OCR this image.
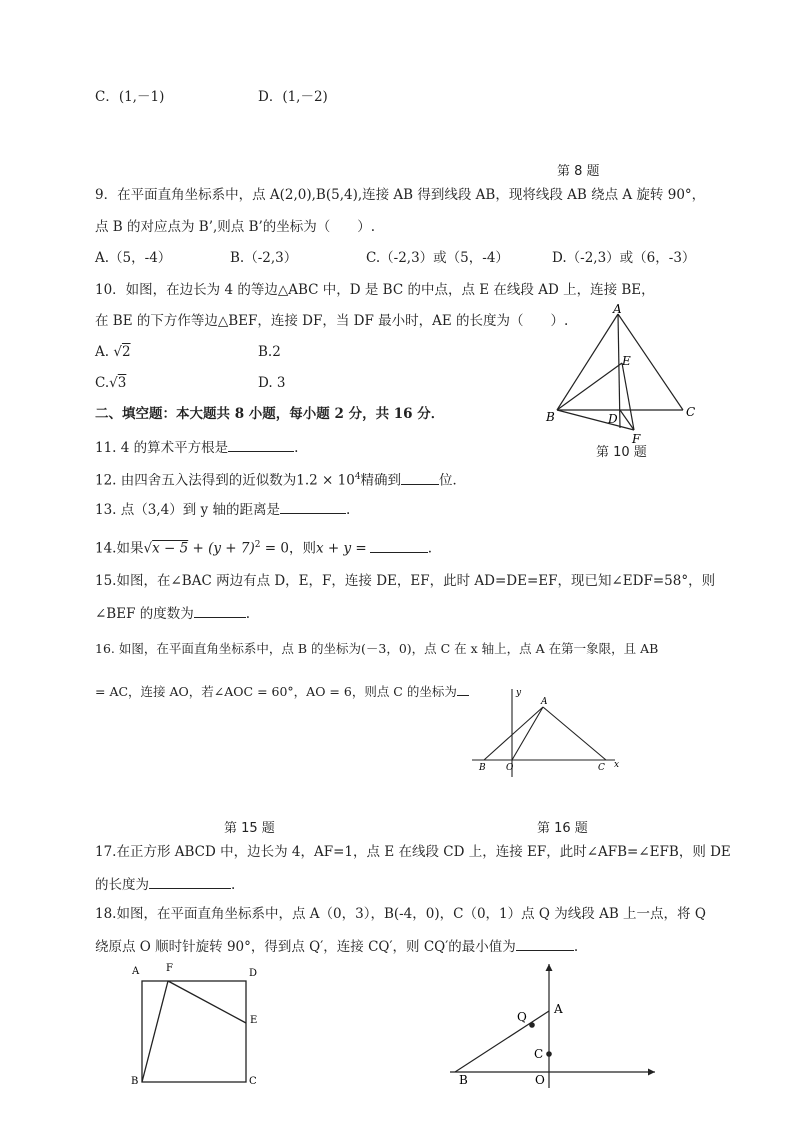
C．(1,－1)	D．(1,－2)
第 8 题
9．在平面直角坐标系中，点 A(2,0),B(5,4),连接 AB 得到线段 AB，现将线段 AB 绕点 A 旋转 90°，
点 B 的对应点为 B’,则点 B’的坐标为（　　）.
A.（5，-4）	B.（-2,3）	C.（-2,3）或（5，-4）	D.（-2,3）或（6，-3）
10．如图，在边长为 4 的等边△ABC 中，D 是 BC 的中点，点 E 在线段 AD 上，连接 BE，
在 BE 的下方作等边△BEF，连接 DF，当 DF 最小时，AE 的长度为（　　）.
A. √2	B.2
C.√3	D. 3
A
B	C
D
E
F
第 10 题
二、填空题：本大题共 8 小题，每小题 2 分，共 16 分．
11. 4 的算术平方根是	.
12. 由四舍五入法得到的近似数为$1.2 \times 10^4$精确到	位．
13. 点（3,4）到 y 轴的距离是	.
14.如果$√x - 5 + (y + 7)^2 = 0$，则x + y =	.
15.如图，在∠BAC 两边有点 D，E，F，连接 DE，EF，此时 AD=DE=EF，现已知∠EDF=58°，则
∠BEF 的度数为	.
16. 如图，在平面直角坐标系中，点 B 的坐标为(－3，0)，点 C 在 x 轴上，点 A 在第一象限，且 AB
= AC，连接 AO，若∠AOC = 60°，AO = 6，则点 C 的坐标为	y
x
A
B O	C
第 15 题	第 16 题
17.在正方形 ABCD 中，边长为 4，AF=1，点 E 在线段 CD 上，连接 EF，此时∠AFB=∠EFB，则 DE
的长度为	.
18.如图，在平面直角坐标系中，点 A（0，3），B(-4，0)，C（0，1）点 Q 为线段 AB 上一点，将 Q
绕原点 O 顺时针旋转 90°，得到点 Q′，连接 CQ′，则 CQ′的最小值为	.
A	F	D
E
B	C
A
Q
C
B	O
